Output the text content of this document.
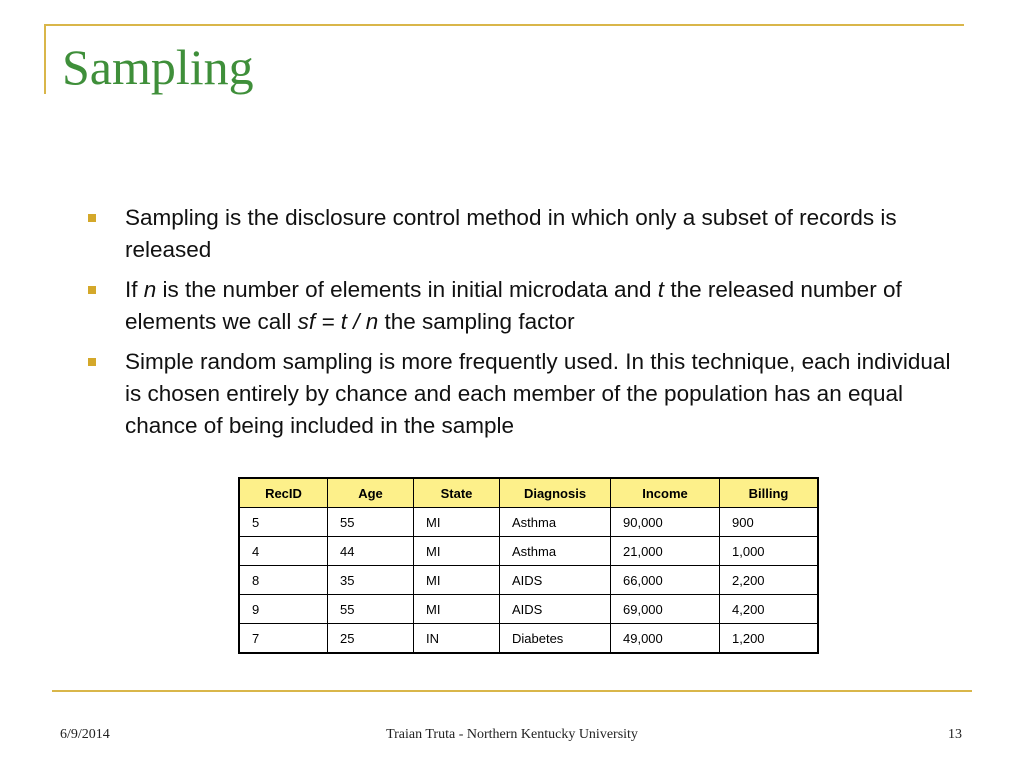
Sampling
Sampling is the disclosure control method in which only a subset of records is released
If n is the number of elements in initial microdata and t the released number of elements we call sf = t / n the sampling factor
Simple random sampling is more frequently used. In this technique, each individual is chosen entirely by chance and each member of the population has an equal chance of being included in the sample
RecID	Age	State	Diagnosis	Income	Billing
5	55	MI	Asthma	90,000	900
4	44	MI	Asthma	21,000	1,000
8	35	MI	AIDS	66,000	2,200
9	55	MI	AIDS	69,000	4,200
7	25	IN	Diabetes	49,000	1,200

6/9/2014	Traian Truta - Northern Kentucky University	13
